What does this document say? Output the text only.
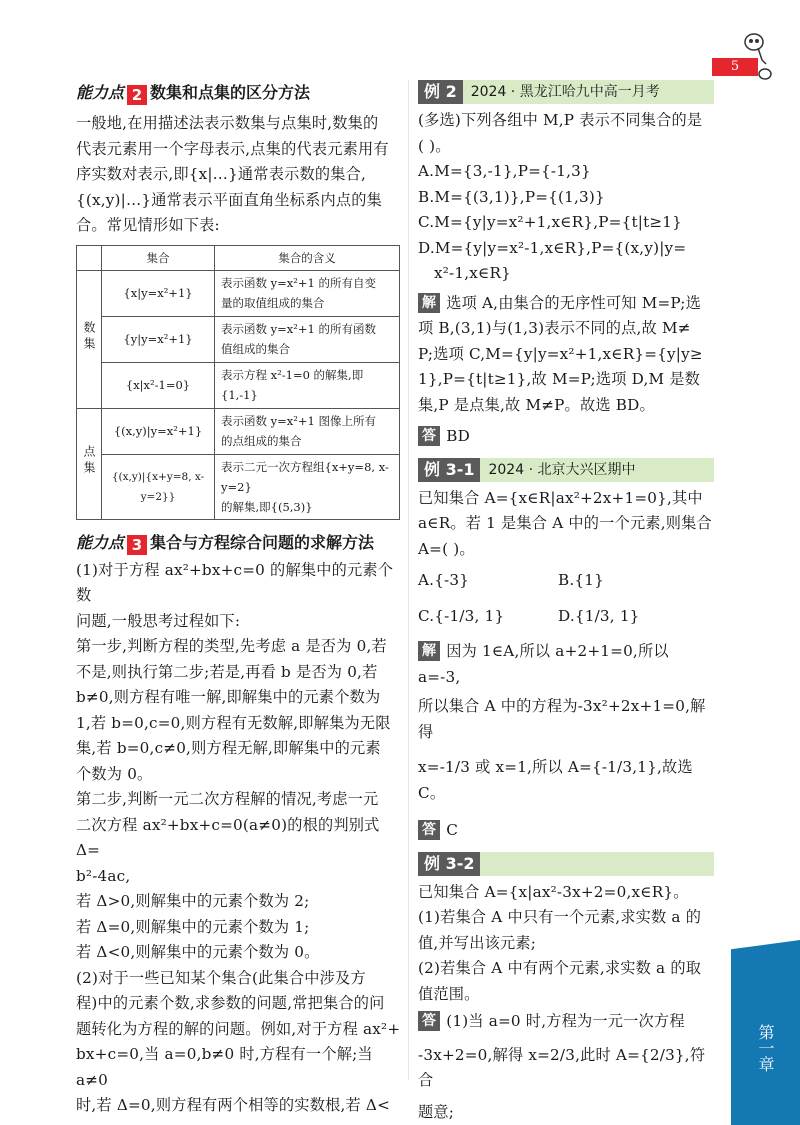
5
第一章
能力点 2 数集和点集的区分方法
一般地,在用描述法表示数集与点集时,数集的
代表元素用一个字母表示,点集的代表元素用有
序实数对表示,即{x|…}通常表示数的集合,
{(x,y)|…}通常表示平面直角坐标系内点的集
合。常见情形如下表:
	集合	集合的含义
数集	{x|y=x²+1}	表示函数 y=x²+1 的所有自变
量的取值组成的集合

	{y|y=x²+1}	表示函数 y=x²+1 的所有函数
值组成的集合

	{x|x²-1=0}	表示方程 x²-1=0 的解集,即
{1,-1}

点集	{(x,y)|y=x²+1}	表示函数 y=x²+1 图像上所有
的点组成的集合

	{(x,y)|{x+y=8, x-y=2}}	表示二元一次方程组{x+y=8, x-y=2}
的解集,即{(5,3)}
能力点 3 集合与方程综合问题的求解方法
(1)对于方程 ax²+bx+c=0 的解集中的元素个数
问题,一般思考过程如下:
第一步,判断方程的类型,先考虑 a 是否为 0,若
不是,则执行第二步;若是,再看 b 是否为 0,若
b≠0,则方程有唯一解,即解集中的元素个数为
1,若 b=0,c=0,则方程有无数解,即解集为无限
集,若 b=0,c≠0,则方程无解,即解集中的元素
个数为 0。
第二步,判断一元二次方程解的情况,考虑一元
二次方程 ax²+bx+c=0(a≠0)的根的判别式 Δ=
b²-4ac,
若 Δ>0,则解集中的元素个数为 2;
若 Δ=0,则解集中的元素个数为 1;
若 Δ<0,则解集中的元素个数为 0。
(2)对于一些已知某个集合(此集合中涉及方
程)中的元素个数,求参数的问题,常把集合的问
题转化为方程的解的问题。例如,对于方程 ax²+
bx+c=0,当 a=0,b≠0 时,方程有一个解;当 a≠0
时,若 Δ=0,则方程有两个相等的实数根,若 Δ<
例 2 2024 · 黑龙江哈九中高一月考
(多选)下列各组中 M,P 表示不同集合的是
( )。
A.M={3,-1},P={-1,3}
B.M={(3,1)},P={(1,3)}
C.M={y|y=x²+1,x∈R},P={t|t≥1}
D.M={y|y=x²-1,x∈R},P={(x,y)|y=
x²-1,x∈R}
解 选项 A,由集合的无序性可知 M=P;选
项 B,(3,1)与(1,3)表示不同的点,故 M≠
P;选项 C,M={y|y=x²+1,x∈R}={y|y≥
1},P={t|t≥1},故 M=P;选项 D,M 是数
集,P 是点集,故 M≠P。故选 BD。
答 BD
例 3-1 2024 · 北京大兴区期中
已知集合 A={x∈R|ax²+2x+1=0},其中
a∈R。若 1 是集合 A 中的一个元素,则集合
A=( )。
A.{-3}	B.{1}
C.{-1/3, 1}	D.{1/3, 1}
解 因为 1∈A,所以 a+2+1=0,所以 a=-3,
所以集合 A 中的方程为-3x²+2x+1=0,解得
x=-1/3 或 x=1,所以 A={-1/3,1},故选 C。
答 C
例 3-2
已知集合 A={x|ax²-3x+2=0,x∈R}。
(1)若集合 A 中只有一个元素,求实数 a 的
值,并写出该元素;
(2)若集合 A 中有两个元素,求实数 a 的取
值范围。
答 (1)当 a=0 时,方程为一元一次方程
-3x+2=0,解得 x=2/3,此时 A={2/3},符合
题意;
